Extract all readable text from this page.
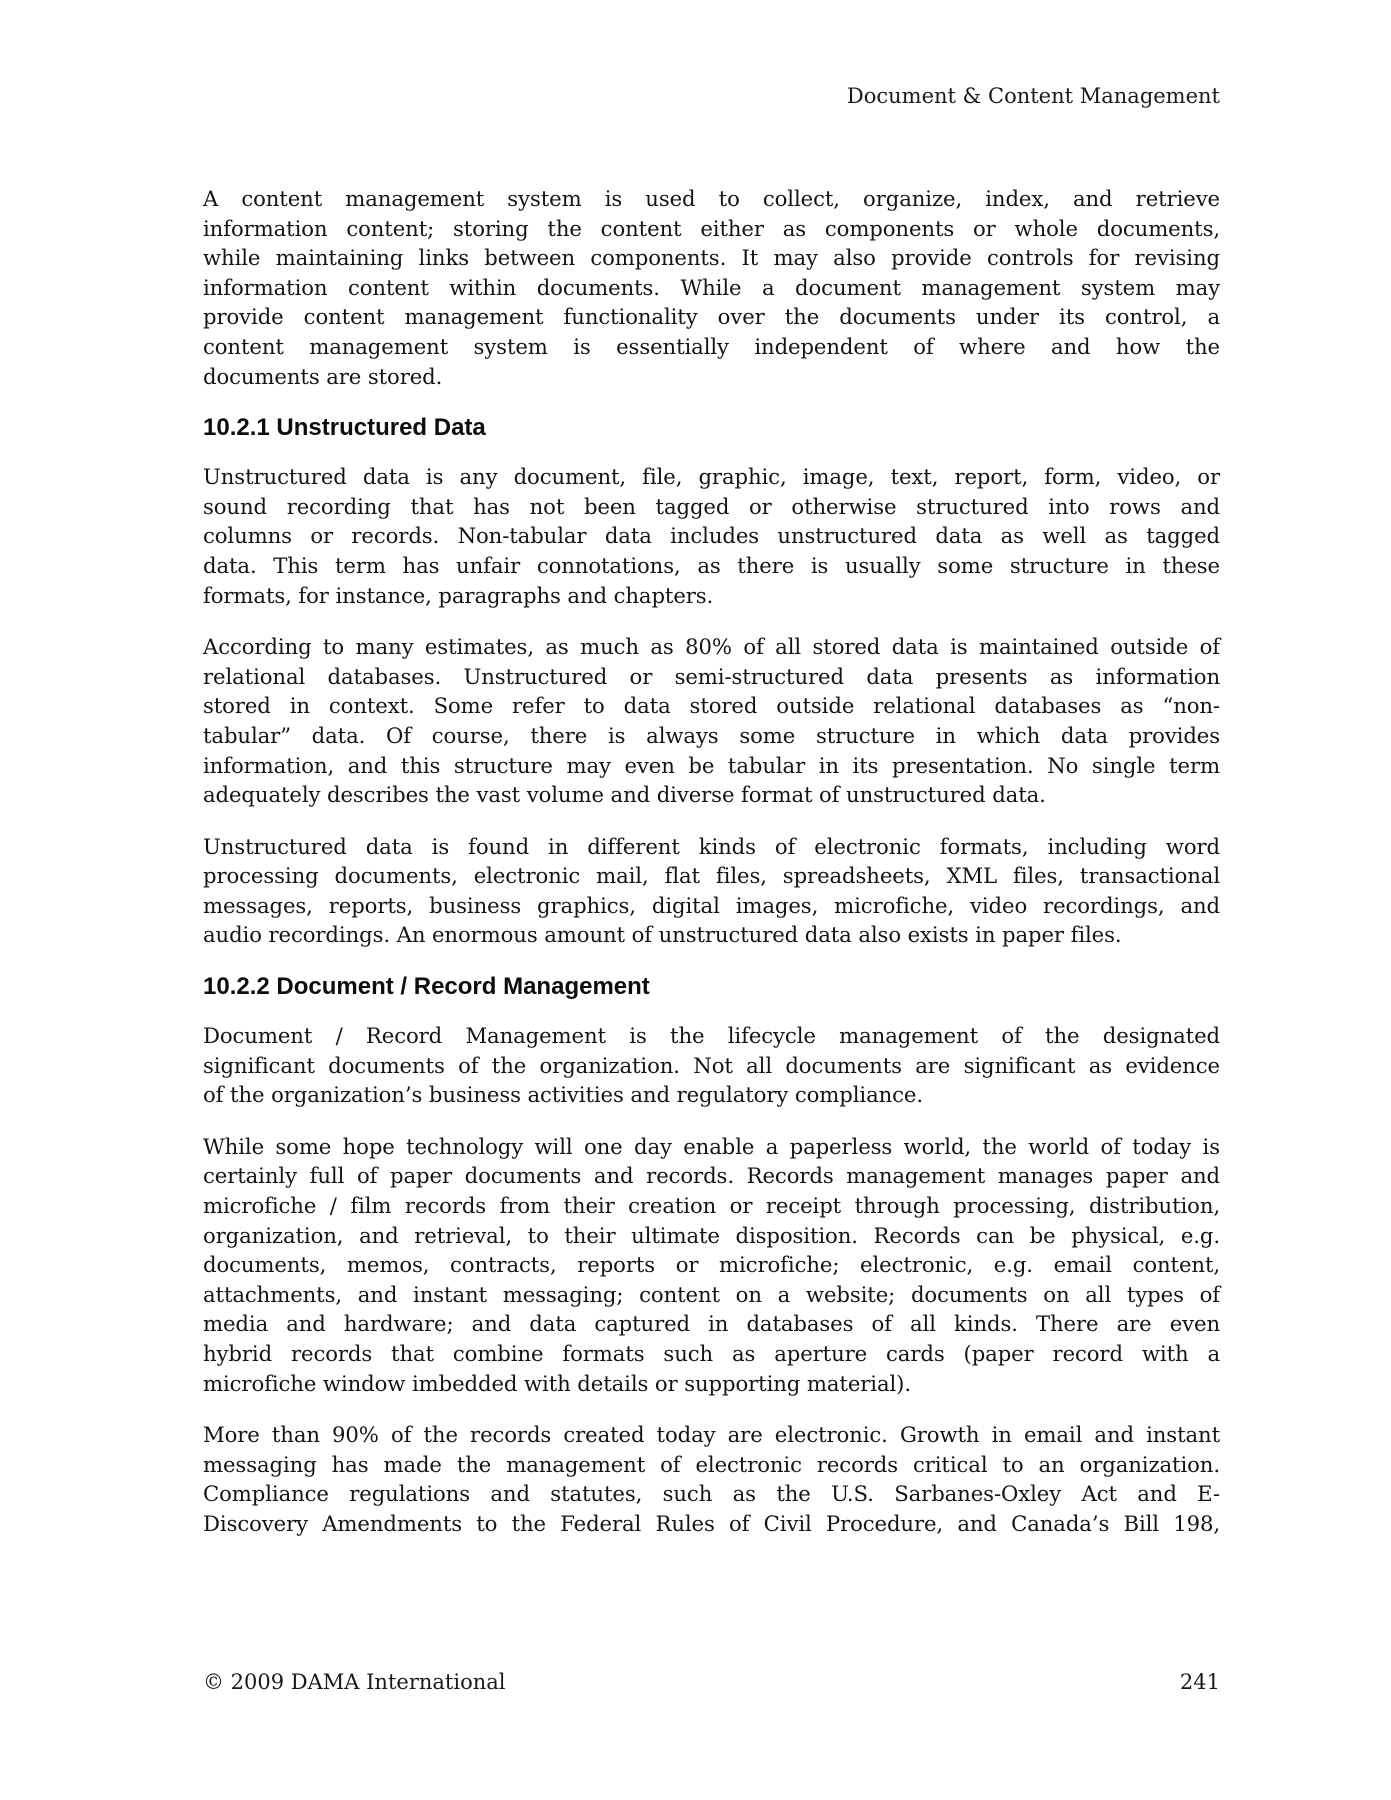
Document & Content Management
A content management system is used to collect, organize, index, and retrieve
information content; storing the content either as components or whole documents,
while maintaining links between components. It may also provide controls for revising
information content within documents. While a document management system may
provide content management functionality over the documents under its control, a
content management system is essentially independent of where and how the
documents are stored.
10.2.1 Unstructured Data
Unstructured data is any document, file, graphic, image, text, report, form, video, or
sound recording that has not been tagged or otherwise structured into rows and
columns or records. Non-tabular data includes unstructured data as well as tagged
data. This term has unfair connotations, as there is usually some structure in these
formats, for instance, paragraphs and chapters.
According to many estimates, as much as 80% of all stored data is maintained outside of
relational databases. Unstructured or semi-structured data presents as information
stored in context. Some refer to data stored outside relational databases as “non-
tabular” data. Of course, there is always some structure in which data provides
information, and this structure may even be tabular in its presentation. No single term
adequately describes the vast volume and diverse format of unstructured data.
Unstructured data is found in different kinds of electronic formats, including word
processing documents, electronic mail, flat files, spreadsheets, XML files, transactional
messages, reports, business graphics, digital images, microfiche, video recordings, and
audio recordings. An enormous amount of unstructured data also exists in paper files.
10.2.2 Document / Record Management
Document / Record Management is the lifecycle management of the designated
significant documents of the organization. Not all documents are significant as evidence
of the organization’s business activities and regulatory compliance.
While some hope technology will one day enable a paperless world, the world of today is
certainly full of paper documents and records. Records management manages paper and
microfiche / film records from their creation or receipt through processing, distribution,
organization, and retrieval, to their ultimate disposition. Records can be physical, e.g.
documents, memos, contracts, reports or microfiche; electronic, e.g. email content,
attachments, and instant messaging; content on a website; documents on all types of
media and hardware; and data captured in databases of all kinds. There are even
hybrid records that combine formats such as aperture cards (paper record with a
microfiche window imbedded with details or supporting material).
More than 90% of the records created today are electronic. Growth in email and instant
messaging has made the management of electronic records critical to an organization.
Compliance regulations and statutes, such as the U.S. Sarbanes-Oxley Act and E-
Discovery Amendments to the Federal Rules of Civil Procedure, and Canada’s Bill 198,
© 2009 DAMA International	241
